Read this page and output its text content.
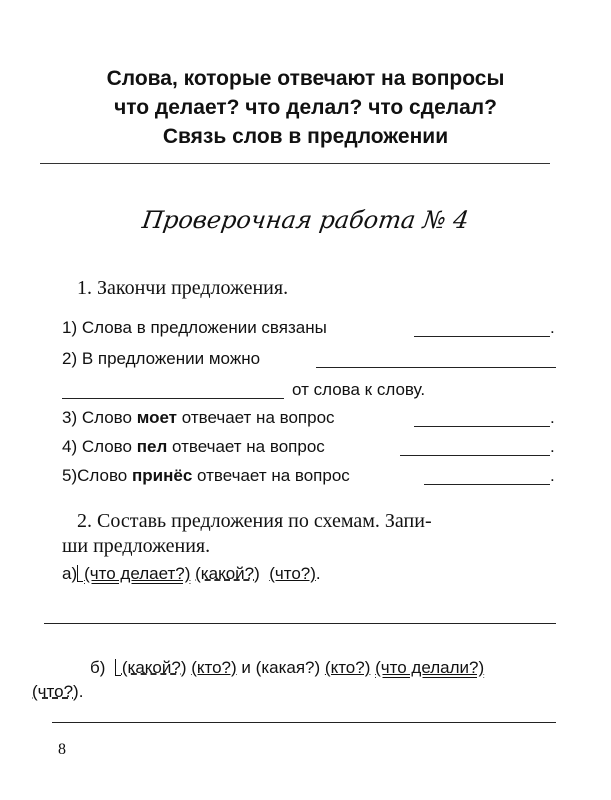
Слова, которые отвечают на вопросы
что делает? что делал? что сделал?
Связь слов в предложении
Проверочная работа № 4
1. Закончи предложения.
1) Слова в предложении связаны	.
2) В предложении можно
от слова к слову.
3) Слово моет отвечает на вопрос	.
4) Слово пел отвечает на вопрос	.
5)Слово принёс отвечает на вопрос	.
2. Составь предложения по схемам. Запи-
ши предложения.
а) (что делает?) (какой?) (что?).
б) (какой?) (кто?) и (какая?) (кто?) (что делали?)
(что?).
8
